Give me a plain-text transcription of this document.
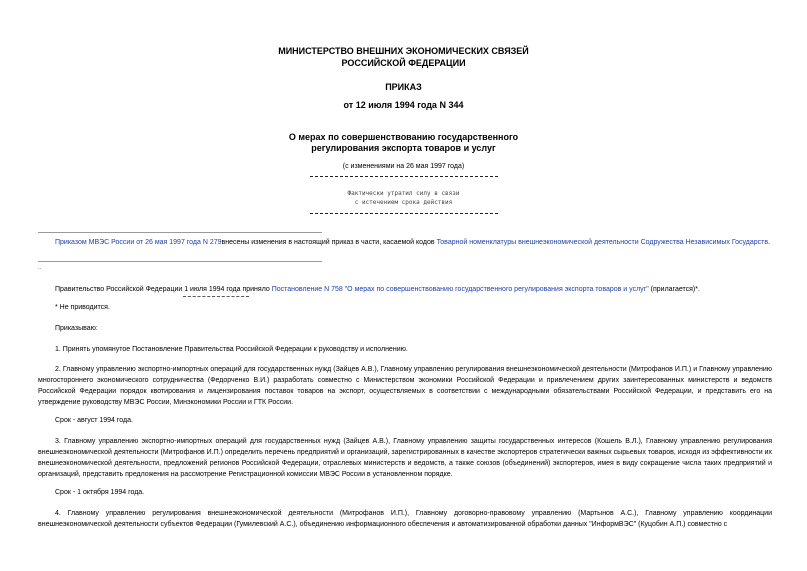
МИНИСТЕРСТВО ВНЕШНИХ ЭКОНОМИЧЕСКИХ СВЯЗЕЙ
РОССИЙСКОЙ ФЕДЕРАЦИИ
ПРИКАЗ
от 12 июля 1994 года N 344
О мерах по совершенствованию государственного
регулирования экспорта товаров и услуг
(с изменениями на 26 мая 1997 года)
Фактически утратил силу в связи
с истечением срока действия
Приказом МВЭС России от 26 мая 1997 года N 279внесены изменения в настоящий приказ в части, касаемой кодов Товарной номенклатуры внешнеэкономической деятельности Содружества Независимых Государств.
..
Правительство Российской Федерации 1 июля 1994 года приняло Постановление N 758 "О мерах по совершенствованию государственного регулирования экспорта товаров и услуг" (прилагается)*.
* Не приводится.
Приказываю:
1. Принять упомянутое Постановление Правительства Российской Федерации к руководству и исполнению.
2. Главному управлению экспортно-импортных операций для государственных нужд (Зайцев А.В.), Главному управлению регулирования внешнеэкономической деятельности (Митрофанов И.П.) и Главному управлению многостороннего экономического сотрудничества (Федорченко В.И.) разработать совместно с Министерством экономики Российской Федерации и привлечением других заинтересованных министерств и ведомств Российской Федерации порядок квотирования и лицензирования поставок товаров на экспорт, осуществляемых в соответствии с международными обязательствами Российской Федерации, и представить его на утверждение руководству МВЭС России, Минэкономики России и ГТК России.
Срок - август 1994 года.
3. Главному управлению экспортно-импортных операций для государственных нужд (Зайцев А.В.), Главному управлению защиты государственных интересов (Кошель В.Л.), Главному управлению регулирования внешнеэкономической деятельности (Митрофанов И.П.) определить перечень предприятий и организаций, зарегистрированных в качестве экспортеров стратегически важных сырьевых товаров, исходя из эффективности их внешнеэкономической деятельности, предложений регионов Российской Федерации, отраслевых министерств и ведомств, а также союзов (объединений) экспортеров, имея в виду сокращение числа таких предприятий и организаций, представить предложения на рассмотрение Регистрационной комиссии МВЭС России в установленном порядке.
Срок - 1 октября 1994 года.
4. Главному управлению регулирования внешнеэкономической деятельности (Митрофанов И.П.), Главному договорно-правовому управлению (Мартынов А.С.), Главному управлению координации внешнеэкономической деятельности субъектов Федерации (Гумилевский А.С.), объединению информационного обеспечения и автоматизированной обработки данных "ИнформВЭС" (Куцобин А.П.) совместно с
